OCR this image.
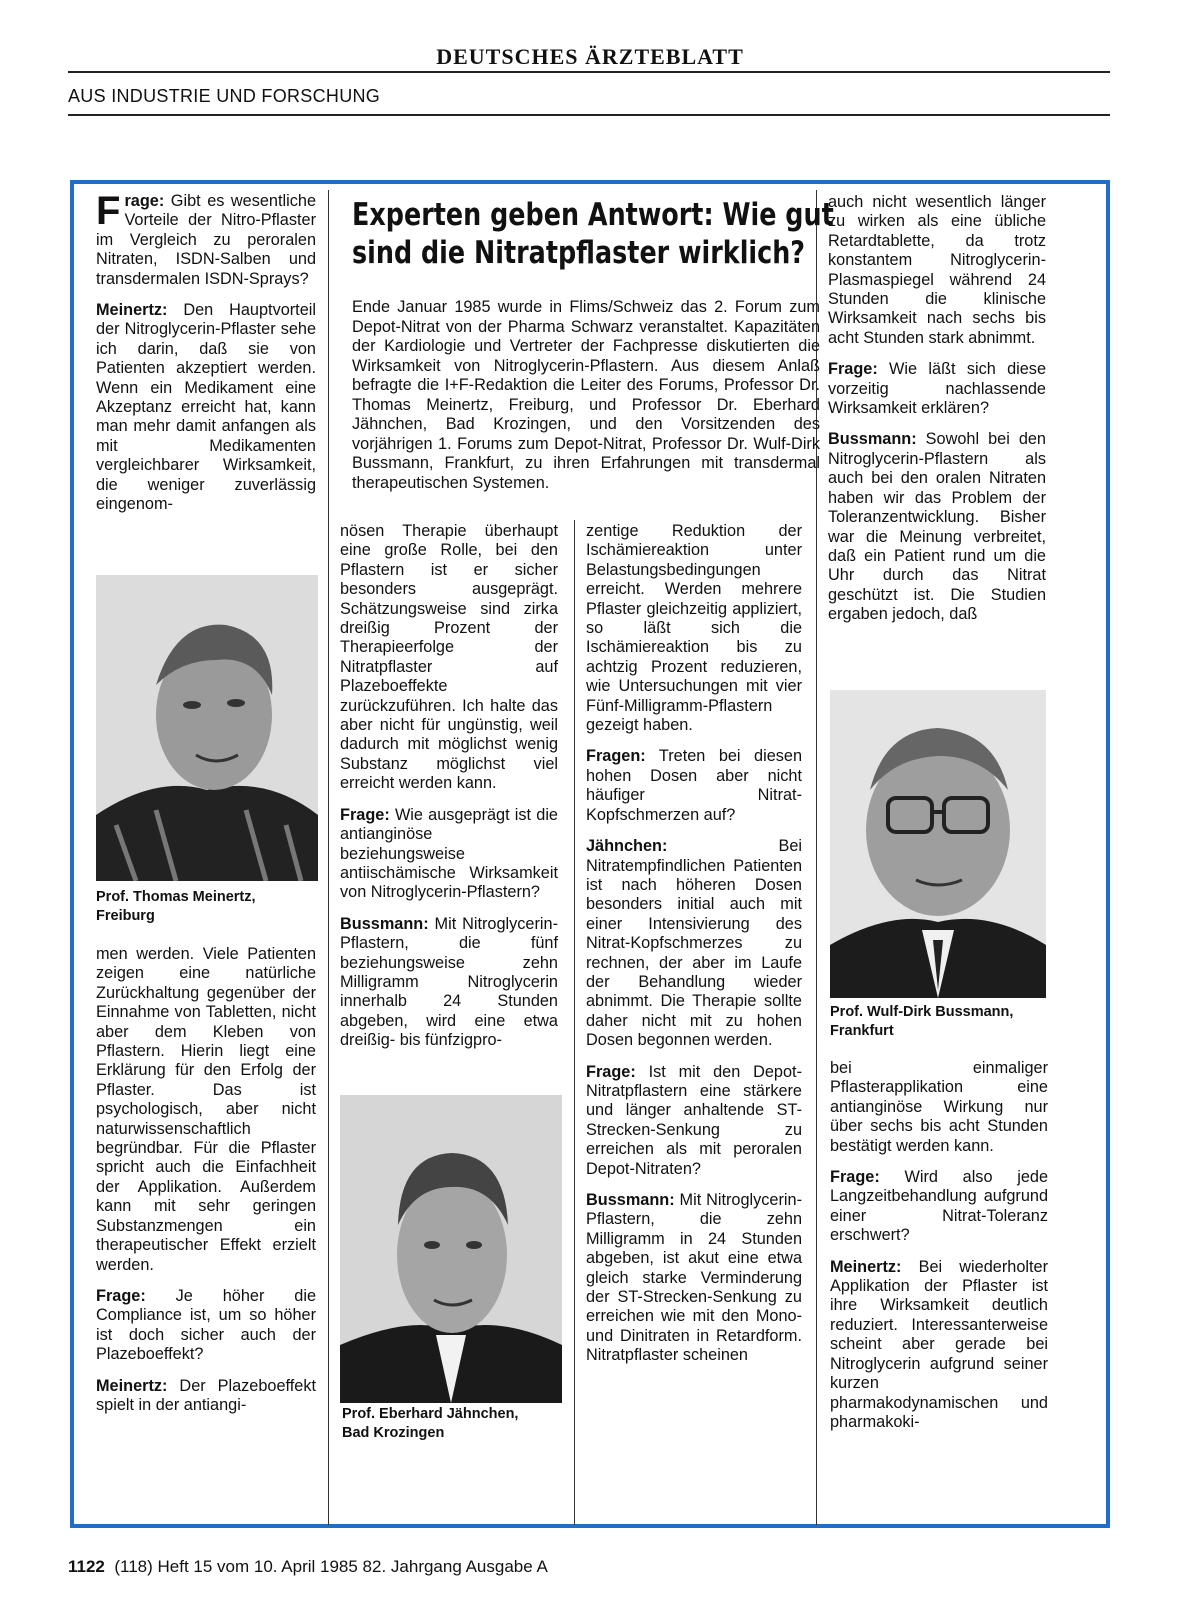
DEUTSCHES ÄRZTEBLATT
AUS INDUSTRIE UND FORSCHUNG

Frage: Gibt es wesentliche Vorteile der Nitro-Pflaster im Vergleich zu peroralen Nitraten, ISDN-Salben und transdermalen ISDN-Sprays?

Meinertz: Den Hauptvorteil der Nitroglycerin-Pflaster sehe ich darin, daß sie von Patienten akzeptiert werden. Wenn ein Medikament eine Akzeptanz erreicht hat, kann man mehr damit anfangen als mit Medikamenten vergleichbarer Wirksamkeit, die weniger zuverlässig eingenom-

Prof. Thomas Meinertz,
Freiburg

men werden. Viele Patienten zeigen eine natürliche Zurückhaltung gegenüber der Einnahme von Tabletten, nicht aber dem Kleben von Pflastern. Hierin liegt eine Erklärung für den Erfolg der Pflaster. Das ist psychologisch, aber nicht naturwissenschaftlich begründbar. Für die Pflaster spricht auch die Einfachheit der Applikation. Außerdem kann mit sehr geringen Substanzmengen ein therapeutischer Effekt erzielt werden.

Frage: Je höher die Compliance ist, um so höher ist doch sicher auch der Plazeboeffekt?

Meinertz: Der Plazeboeffekt spielt in der antiangi-

Experten geben Antwort: Wie gut
sind die Nitratpflaster wirklich?
Ende Januar 1985 wurde in Flims/Schweiz das 2. Forum zum Depot-Nitrat von der Pharma Schwarz veranstaltet. Kapazitäten der Kardiologie und Vertreter der Fachpresse diskutierten die Wirksamkeit von Nitroglycerin-Pflastern. Aus diesem Anlaß befragte die I+F-Redaktion die Leiter des Forums, Professor Dr. Thomas Meinertz, Freiburg, und Professor Dr. Eberhard Jähnchen, Bad Krozingen, und den Vorsitzenden des vorjährigen 1. Forums zum Depot-Nitrat, Professor Dr. Wulf-Dirk Bussmann, Frankfurt, zu ihren Erfahrungen mit transdermal therapeutischen Systemen.

nösen Therapie überhaupt eine große Rolle, bei den Pflastern ist er sicher besonders ausgeprägt. Schätzungsweise sind zirka dreißig Prozent der Therapieerfolge der Nitratpflaster auf Plazeboeffekte zurückzuführen. Ich halte das aber nicht für ungünstig, weil dadurch mit möglichst wenig Substanz möglichst viel erreicht werden kann.

Frage: Wie ausgeprägt ist die antianginöse beziehungsweise antiischämische Wirksamkeit von Nitroglycerin-Pflastern?

Bussmann: Mit Nitroglycerin-Pflastern, die fünf beziehungsweise zehn Milligramm Nitroglycerin innerhalb 24 Stunden abgeben, wird eine etwa dreißig- bis fünfzigpro-

Prof. Eberhard Jähnchen,
Bad Krozingen

zentige Reduktion der Ischämiereaktion unter Belastungsbedingungen erreicht. Werden mehrere Pflaster gleichzeitig appliziert, so läßt sich die Ischämiereaktion bis zu achtzig Prozent reduzieren, wie Untersuchungen mit vier Fünf-Milligramm-Pflastern gezeigt haben.

Fragen: Treten bei diesen hohen Dosen aber nicht häufiger Nitrat-Kopfschmerzen auf?

Jähnchen: Bei Nitratempfindlichen Patienten ist nach höheren Dosen besonders initial auch mit einer Intensivierung des Nitrat-Kopfschmerzes zu rechnen, der aber im Laufe der Behandlung wieder abnimmt. Die Therapie sollte daher nicht mit zu hohen Dosen begonnen werden.

Frage: Ist mit den Depot-Nitratpflastern eine stärkere und länger anhaltende ST-Strecken-Senkung zu erreichen als mit peroralen Depot-Nitraten?

Bussmann: Mit Nitroglycerin-Pflastern, die zehn Milligramm in 24 Stunden abgeben, ist akut eine etwa gleich starke Verminderung der ST-Strecken-Senkung zu erreichen wie mit den Mono- und Dinitraten in Retardform. Nitratpflaster scheinen

auch nicht wesentlich länger zu wirken als eine übliche Retardtablette, da trotz konstantem Nitroglycerin-Plasmaspiegel während 24 Stunden die klinische Wirksamkeit nach sechs bis acht Stunden stark abnimmt.

Frage: Wie läßt sich diese vorzeitig nachlassende Wirksamkeit erklären?

Bussmann: Sowohl bei den Nitroglycerin-Pflastern als auch bei den oralen Nitraten haben wir das Problem der Toleranzentwicklung. Bisher war die Meinung verbreitet, daß ein Patient rund um die Uhr durch das Nitrat geschützt ist. Die Studien ergaben jedoch, daß

Prof. Wulf-Dirk Bussmann,
Frankfurt

bei einmaliger Pflasterapplikation eine antianginöse Wirkung nur über sechs bis acht Stunden bestätigt werden kann.

Frage: Wird also jede Langzeitbehandlung aufgrund einer Nitrat-Toleranz erschwert?

Meinertz: Bei wiederholter Applikation der Pflaster ist ihre Wirksamkeit deutlich reduziert. Interessanterweise scheint aber gerade bei Nitroglycerin aufgrund seiner kurzen pharmakodynamischen und pharmakoki-

1122 (118) Heft 15 vom 10. April 1985 82. Jahrgang Ausgabe A
